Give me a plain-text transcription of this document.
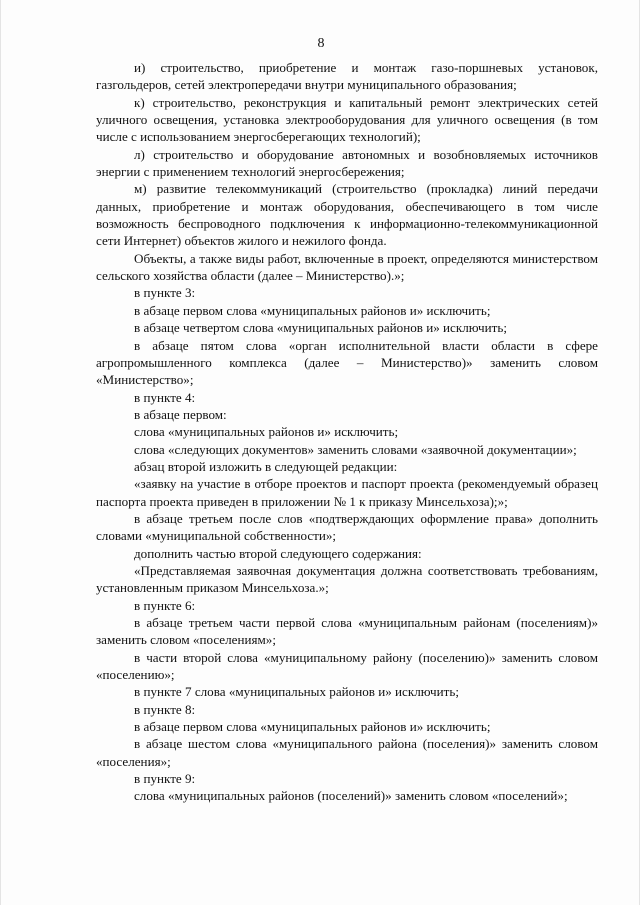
8

и) строительство, приобретение и монтаж газо-поршневых установок, газгольдеров, сетей электропередачи внутри муниципального образования;

к) строительство, реконструкция и капитальный ремонт электрических сетей уличного освещения, установка электрооборудования для уличного освещения (в том числе с использованием энергосберегающих технологий);

л) строительство и оборудование автономных и возобновляемых источников энергии с применением технологий энергосбережения;

м) развитие телекоммуникаций (строительство (прокладка) линий передачи данных, приобретение и монтаж оборудования, обеспечивающего в том числе возможность беспроводного подключения к информационно-телекоммуникационной сети Интернет) объектов жилого и нежилого фонда.

Объекты, а также виды работ, включенные в проект, определяются министерством сельского хозяйства области (далее – Министерство).»;

в пункте 3:

в абзаце первом слова «муниципальных районов и» исключить;

в абзаце четвертом слова «муниципальных районов и» исключить;

в абзаце пятом слова «орган исполнительной власти области в сфере агропромышленного комплекса (далее – Министерство)» заменить словом «Министерство»;

в пункте 4:

в абзаце первом:

слова «муниципальных районов и» исключить;

слова «следующих документов» заменить словами «заявочной документации»;

абзац второй изложить в следующей редакции:

«заявку на участие в отборе проектов и паспорт проекта (рекомендуемый образец паспорта проекта приведен в приложении № 1 к приказу Минсельхоза);»;

в абзаце третьем после слов «подтверждающих оформление права» дополнить словами «муниципальной собственности»;

дополнить частью второй следующего содержания:

«Представляемая заявочная документация должна соответствовать требованиям, установленным приказом Минсельхоза.»;

в пункте 6:

в абзаце третьем части первой слова «муниципальным районам (поселениям)» заменить словом «поселениям»;

в части второй слова «муниципальному району (поселению)» заменить словом «поселению»;

в пункте 7 слова «муниципальных районов и» исключить;

в пункте 8:

в абзаце первом слова «муниципальных районов и» исключить;

в абзаце шестом слова «муниципального района (поселения)» заменить словом «поселения»;

в пункте 9:

слова «муниципальных районов (поселений)» заменить словом «поселений»;
